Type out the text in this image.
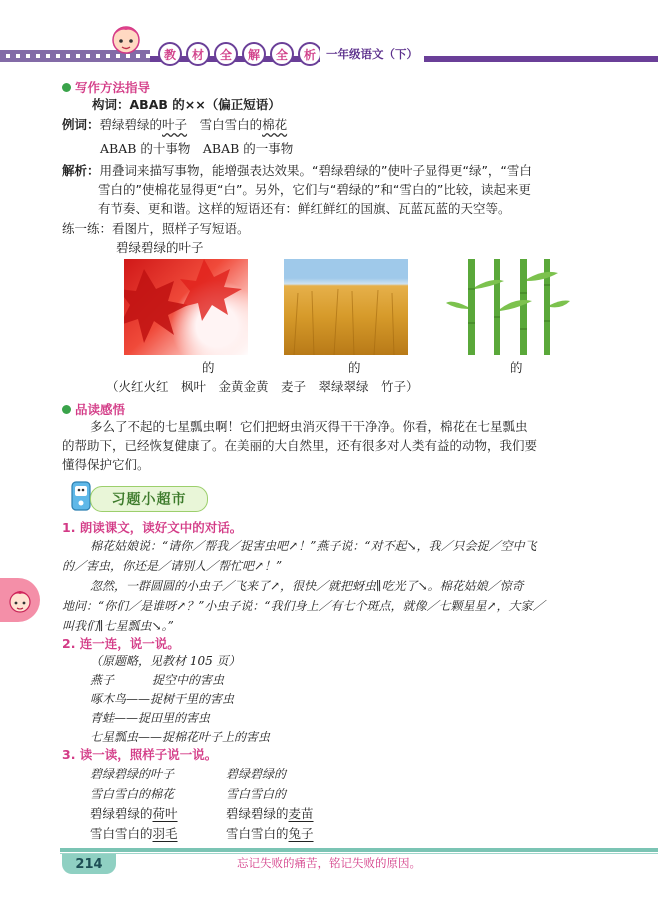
教	材	全	解	全	析 一年级语文（下）
写作方法指导
构词：ABAB 的××（偏正短语）
例词：碧绿碧绿的叶子　 雪白雪白的棉花
ABAB 的十事物　ABAB 的一事物
解析：用叠词来描写事物，能增强表达效果。“碧绿碧绿的”使叶子显得更“绿”，“雪白
雪白的”使棉花显得更“白”。另外，它们与“碧绿的”和“雪白的”比较，读起来更
有节奏、更和谐。这样的短语还有：鲜红鲜红的国旗、瓦蓝瓦蓝的天空等。
练一练：看图片，照样子写短语。
碧绿碧绿的叶子
的	的	的
（火红火红　枫叶　金黄金黄　麦子　翠绿翠绿　竹子）
品读感悟
多么了不起的七星瓢虫啊！它们把蚜虫消灭得干干净净。你看，棉花在七星瓢虫
的帮助下，已经恢复健康了。在美丽的大自然里，还有很多对人类有益的动物，我们要
懂得保护它们。
习题小超市
1. 朗读课文，读好文中的对话。
棉花姑娘说：“请你／帮我／捉害虫吧↗！”燕子说：“对不起↘，我／只会捉／空中飞
的／害虫，你还是／请别人／帮忙吧↗！”
忽然，一群圆圆的小虫子／飞来了↗，很快／就把蚜虫∥吃光了↘。棉花姑娘／惊奇
地问：“你们／是谁呀↗？”小虫子说：“我们身上／有七个斑点，就像／七颗星星↗，大家／
叫我们∥七星瓢虫↘。”
2. 连一连，说一说。
（原题略，见教材 105 页）
燕子	捉空中的害虫
啄木鸟——捉树干里的害虫
青蛙——捉田里的害虫
七星瓢虫——捉棉花叶子上的害虫
3. 读一读，照样子说一说。
碧绿碧绿的叶子	碧绿碧绿的
雪白雪白的棉花	雪白雪白的
碧绿碧绿的荷叶	碧绿碧绿的麦苗
雪白雪白的羽毛	雪白雪白的兔子
214	忘记失败的痛苦，铭记失败的原因。
